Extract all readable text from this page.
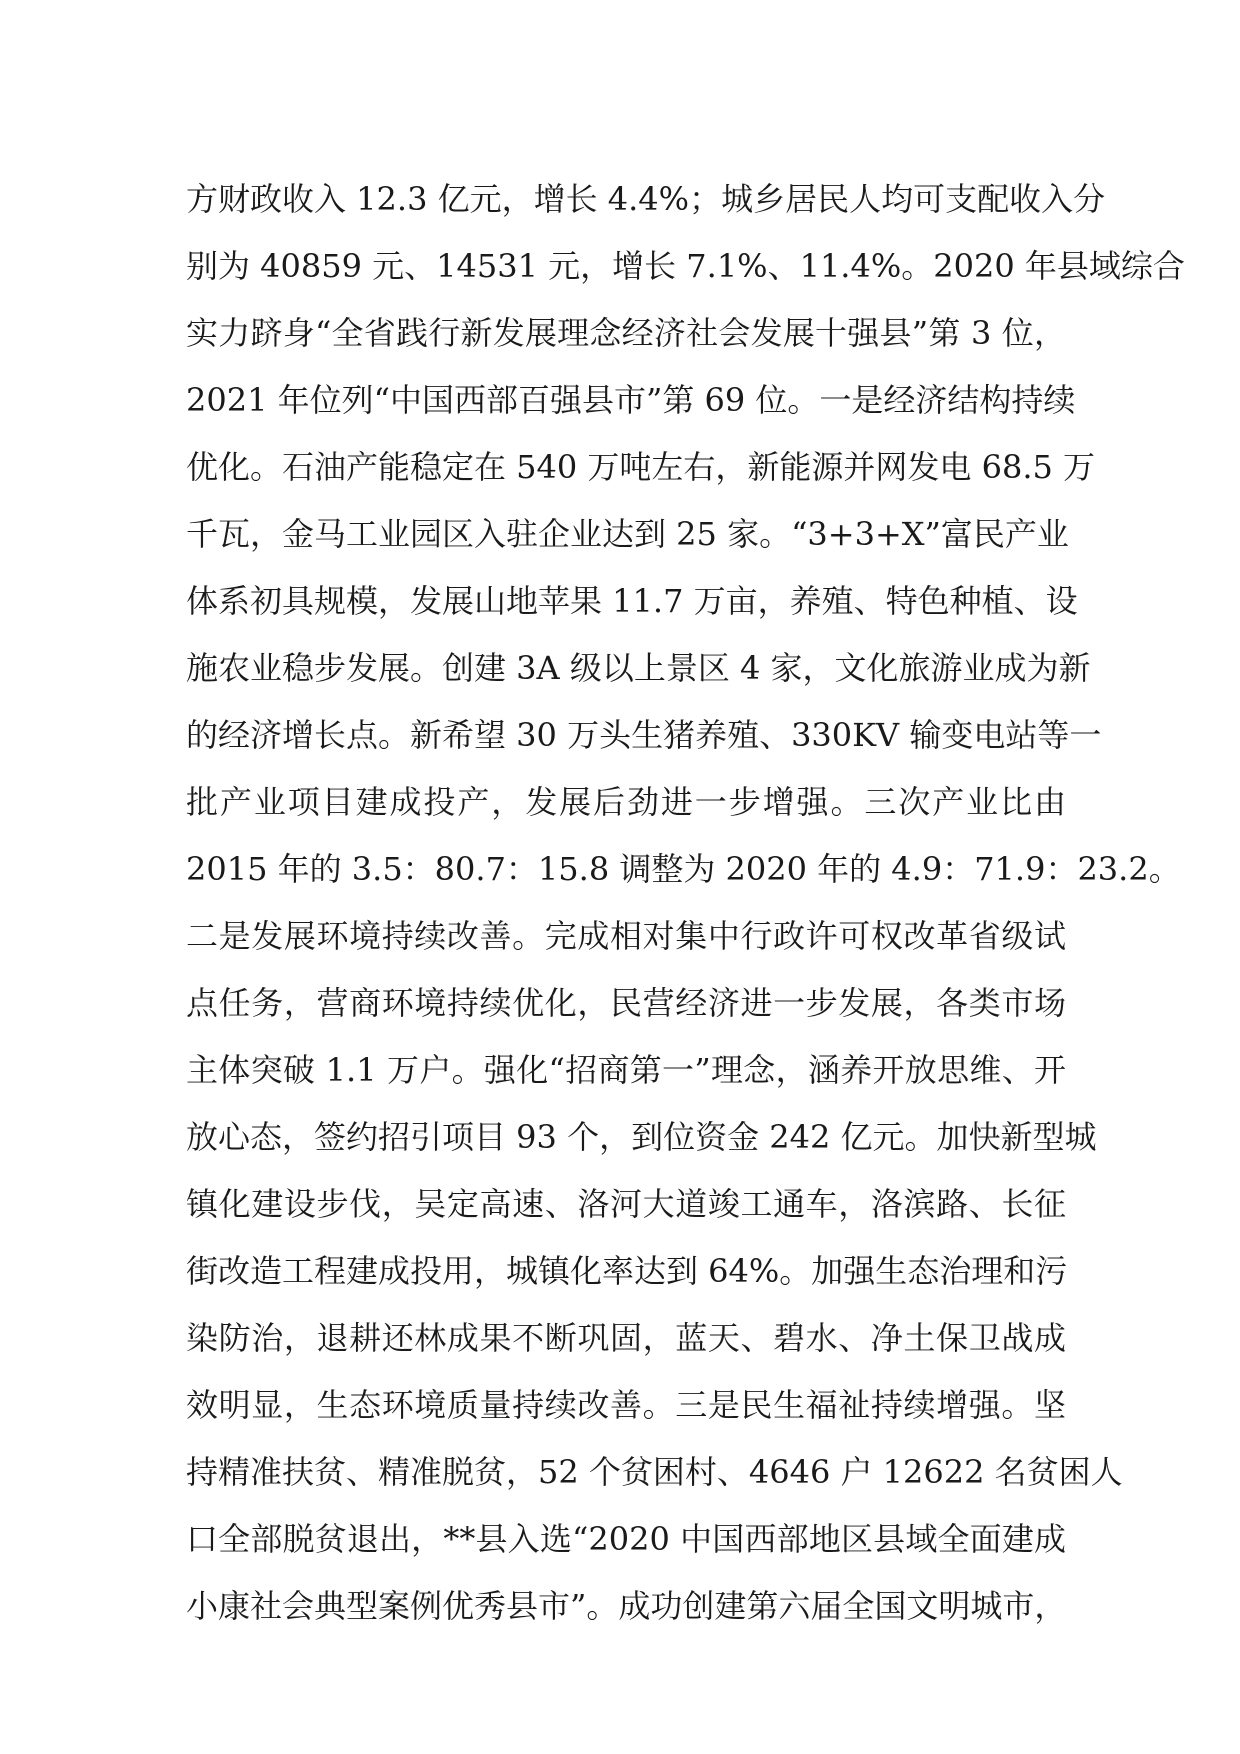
方财政收入 12.3 亿元，增长 4.4%；城乡居民人均可支配收入分
别为 40859 元、14531 元，增长 7.1%、11.4%。2020 年县域综合
实力跻身“全省践行新发展理念经济社会发展十强县”第 3 位，
2021 年位列“中国西部百强县市”第 69 位。一是经济结构持续
优化。石油产能稳定在 540 万吨左右，新能源并网发电 68.5 万
千瓦，金马工业园区入驻企业达到 25 家。“3+3+X”富民产业
体系初具规模，发展山地苹果 11.7 万亩，养殖、特色种植、设
施农业稳步发展。创建 3A 级以上景区 4 家，文化旅游业成为新
的经济增长点。新希望 30 万头生猪养殖、330KV 输变电站等一
批产业项目建成投产，发展后劲进一步增强。三次产业比由
2015 年的 3.5：80.7：15.8 调整为 2020 年的 4.9：71.9：23.2。
二是发展环境持续改善。完成相对集中行政许可权改革省级试
点任务，营商环境持续优化，民营经济进一步发展，各类市场
主体突破 1.1 万户。强化“招商第一”理念，涵养开放思维、开
放心态，签约招引项目 93 个，到位资金 242 亿元。加快新型城
镇化建设步伐，吴定高速、洛河大道竣工通车，洛滨路、长征
街改造工程建成投用，城镇化率达到 64%。加强生态治理和污
染防治，退耕还林成果不断巩固，蓝天、碧水、净土保卫战成
效明显，生态环境质量持续改善。三是民生福祉持续增强。坚
持精准扶贫、精准脱贫，52 个贫困村、4646 户 12622 名贫困人
口全部脱贫退出，**县入选“2020 中国西部地区县域全面建成
小康社会典型案例优秀县市”。成功创建第六届全国文明城市，
